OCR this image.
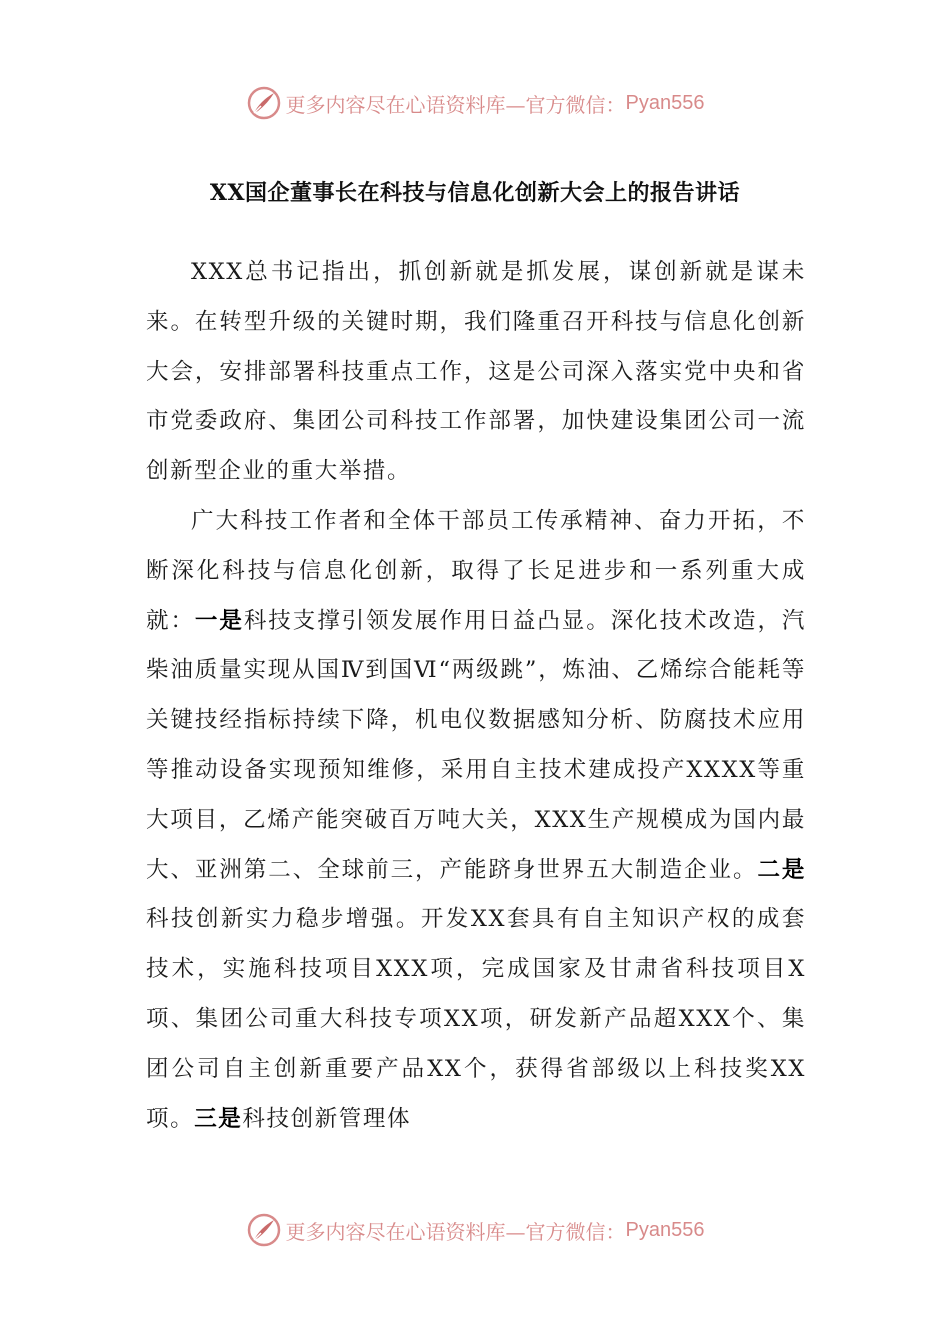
更多内容尽在心语资料库—官方微信： Pyan556
XX国企董事长在科技与信息化创新大会上的报告讲话

XXX总书记指出，抓创新就是抓发展，谋创新就是谋未来。在转型升级的关键时期，我们隆重召开科技与信息化创新大会，安排部署科技重点工作，这是公司深入落实党中央和省市党委政府、集团公司科技工作部署，加快建设集团公司一流创新型企业的重大举措。

广大科技工作者和全体干部员工传承精神、奋力开拓，不断深化科技与信息化创新，取得了长足进步和一系列重大成就：一是科技支撑引领发展作用日益凸显。深化技术改造，汽柴油质量实现从国Ⅳ到国Ⅵ“两级跳”，炼油、乙烯综合能耗等关键技经指标持续下降，机电仪数据感知分析、防腐技术应用等推动设备实现预知维修，采用自主技术建成投产XXXX等重大项目，乙烯产能突破百万吨大关，XXX生产规模成为国内最大、亚洲第二、全球前三，产能跻身世界五大制造企业。二是科技创新实力稳步增强。开发XX套具有自主知识产权的成套技术，实施科技项目XXX项，完成国家及甘肃省科技项目X项、集团公司重大科技专项XX项，研发新产品超XXX个、集团公司自主创新重要产品XX个，获得省部级以上科技奖XX项。三是科技创新管理体

更多内容尽在心语资料库—官方微信： Pyan556
